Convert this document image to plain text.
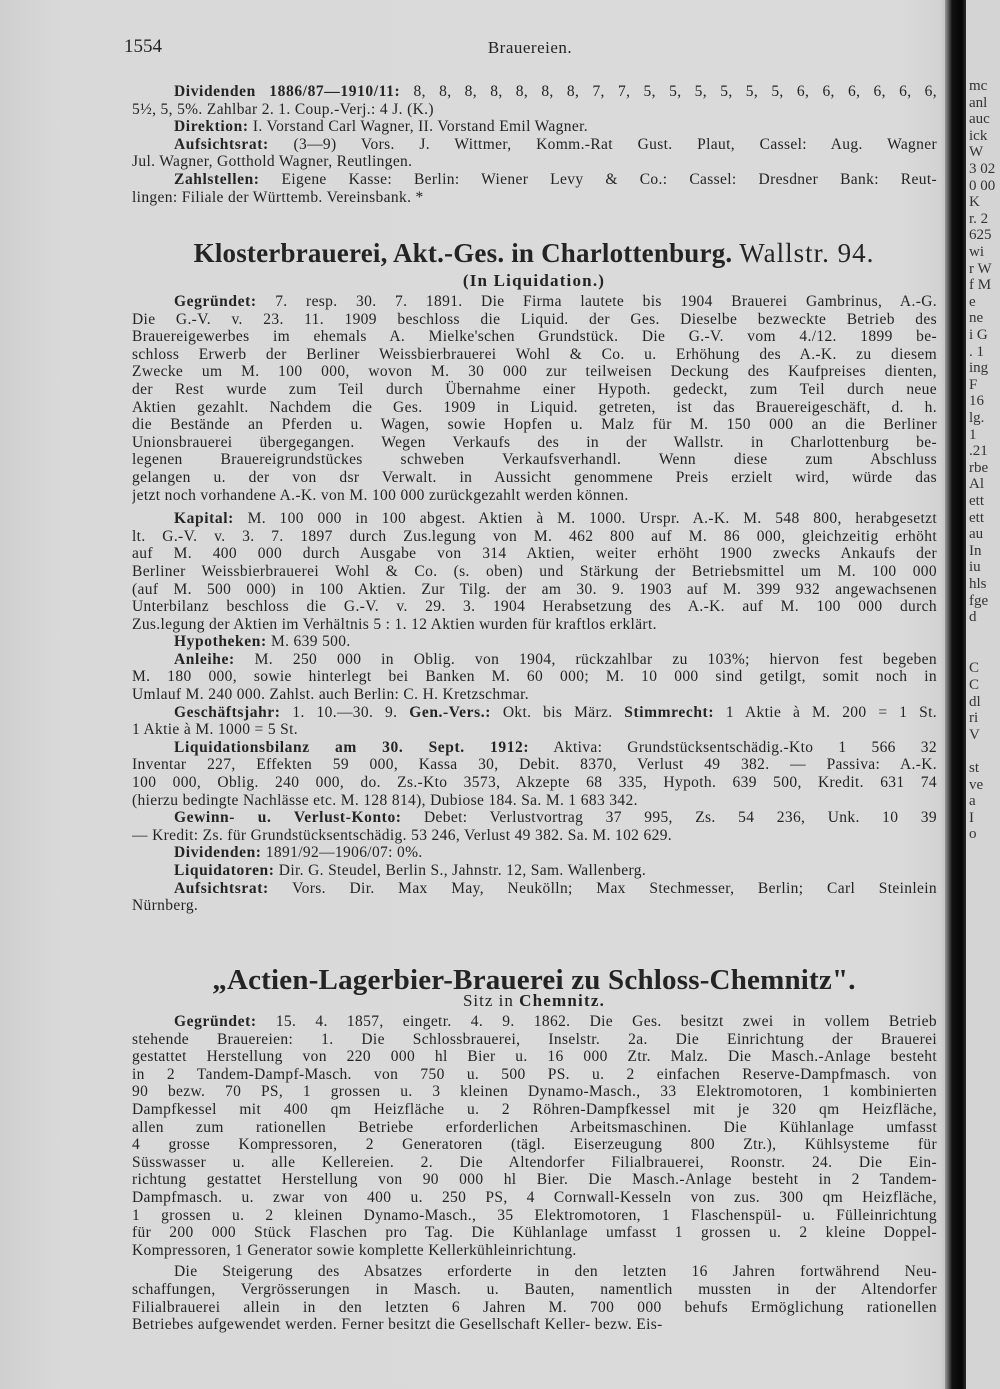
1554	Brauereien.
Dividenden 1886/87—1910/11: 8, 8, 8, 8, 8, 8, 8, 7, 7, 5, 5, 5, 5, 5, 5, 6, 6, 6, 6, 6, 6,
5½, 5, 5%. Zahlbar 2. 1. Coup.-Verj.: 4 J. (K.)
Direktion: I. Vorstand Carl Wagner, II. Vorstand Emil Wagner.
Aufsichtsrat: (3—9) Vors. J. Wittmer, Komm.-Rat Gust. Plaut, Cassel: Aug. Wagner
Jul. Wagner, Gotthold Wagner, Reutlingen.
Zahlstellen: Eigene Kasse: Berlin: Wiener Levy & Co.: Cassel: Dresdner Bank: Reut-
lingen: Filiale der Württemb. Vereinsbank. *
Klosterbrauerei, Akt.-Ges. in Charlottenburg. Wallstr. 94.
(In Liquidation.)
Gegründet: 7. resp. 30. 7. 1891. Die Firma lautete bis 1904 Brauerei Gambrinus, A.-G.
Die G.-V. v. 23. 11. 1909 beschloss die Liquid. der Ges. Dieselbe bezweckte Betrieb des
Brauereigewerbes im ehemals A. Mielke'schen Grundstück. Die G.-V. vom 4./12. 1899 be-
schloss Erwerb der Berliner Weissbierbrauerei Wohl & Co. u. Erhöhung des A.-K. zu diesem
Zwecke um M. 100 000, wovon M. 30 000 zur teilweisen Deckung des Kaufpreises dienten,
der Rest wurde zum Teil durch Übernahme einer Hypoth. gedeckt, zum Teil durch neue
Aktien gezahlt. Nachdem die Ges. 1909 in Liquid. getreten, ist das Brauereigeschäft, d. h.
die Bestände an Pferden u. Wagen, sowie Hopfen u. Malz für M. 150 000 an die Berliner
Unionsbrauerei übergegangen. Wegen Verkaufs des in der Wallstr. in Charlottenburg be-
legenen Brauereigrundstückes schweben Verkaufsverhandl. Wenn diese zum Abschluss
gelangen u. der von dsr Verwalt. in Aussicht genommene Preis erzielt wird, würde das
jetzt noch vorhandene A.-K. von M. 100 000 zurückgezahlt werden können.
Kapital: M. 100 000 in 100 abgest. Aktien à M. 1000. Urspr. A.-K. M. 548 800, herabgesetzt
lt. G.-V. v. 3. 7. 1897 durch Zus.legung von M. 462 800 auf M. 86 000, gleichzeitig erhöht
auf M. 400 000 durch Ausgabe von 314 Aktien, weiter erhöht 1900 zwecks Ankaufs der
Berliner Weissbierbrauerei Wohl & Co. (s. oben) und Stärkung der Betriebsmittel um M. 100 000
(auf M. 500 000) in 100 Aktien. Zur Tilg. der am 30. 9. 1903 auf M. 399 932 angewachsenen
Unterbilanz beschloss die G.-V. v. 29. 3. 1904 Herabsetzung des A.-K. auf M. 100 000 durch
Zus.legung der Aktien im Verhältnis 5 : 1. 12 Aktien wurden für kraftlos erklärt.
Hypotheken: M. 639 500.
Anleihe: M. 250 000 in Oblig. von 1904, rückzahlbar zu 103%; hiervon fest begeben
M. 180 000, sowie hinterlegt bei Banken M. 60 000; M. 10 000 sind getilgt, somit noch in
Umlauf M. 240 000. Zahlst. auch Berlin: C. H. Kretzschmar.
Geschäftsjahr: 1. 10.—30. 9. Gen.-Vers.: Okt. bis März. Stimmrecht: 1 Aktie à M. 200 = 1 St.
1 Aktie à M. 1000 = 5 St.
Liquidationsbilanz am 30. Sept. 1912: Aktiva: Grundstücksentschädig.-Kto 1 566 32
Inventar 227, Effekten 59 000, Kassa 30, Debit. 8370, Verlust 49 382. — Passiva: A.-K.
100 000, Oblig. 240 000, do. Zs.-Kto 3573, Akzepte 68 335, Hypoth. 639 500, Kredit. 631 74
(hierzu bedingte Nachlässe etc. M. 128 814), Dubiose 184. Sa. M. 1 683 342.
Gewinn- u. Verlust-Konto: Debet: Verlustvortrag 37 995, Zs. 54 236, Unk. 10 39
— Kredit: Zs. für Grundstücksentschädig. 53 246, Verlust 49 382. Sa. M. 102 629.
Dividenden: 1891/92—1906/07: 0%.
Liquidatoren: Dir. G. Steudel, Berlin S., Jahnstr. 12, Sam. Wallenberg.
Aufsichtsrat: Vors. Dir. Max May, Neukölln; Max Stechmesser, Berlin; Carl Steinlein
Nürnberg.
„Actien-Lagerbier-Brauerei zu Schloss-Chemnitz".
Sitz in Chemnitz.
Gegründet: 15. 4. 1857, eingetr. 4. 9. 1862. Die Ges. besitzt zwei in vollem Betrieb
stehende Brauereien: 1. Die Schlossbrauerei, Inselstr. 2a. Die Einrichtung der Brauerei
gestattet Herstellung von 220 000 hl Bier u. 16 000 Ztr. Malz. Die Masch.-Anlage besteht
in 2 Tandem-Dampf-Masch. von 750 u. 500 PS. u. 2 einfachen Reserve-Dampfmasch. von
90 bezw. 70 PS, 1 grossen u. 3 kleinen Dynamo-Masch., 33 Elektromotoren, 1 kombinierten
Dampfkessel mit 400 qm Heizfläche u. 2 Röhren-Dampfkessel mit je 320 qm Heizfläche,
allen zum rationellen Betriebe erforderlichen Arbeitsmaschinen. Die Kühlanlage umfasst
4 grosse Kompressoren, 2 Generatoren (tägl. Eiserzeugung 800 Ztr.), Kühlsysteme für
Süsswasser u. alle Kellereien. 2. Die Altendorfer Filialbrauerei, Roonstr. 24. Die Ein-
richtung gestattet Herstellung von 90 000 hl Bier. Die Masch.-Anlage besteht in 2 Tandem-
Dampfmasch. u. zwar von 400 u. 250 PS, 4 Cornwall-Kesseln von zus. 300 qm Heizfläche,
1 grossen u. 2 kleinen Dynamo-Masch., 35 Elektromotoren, 1 Flaschenspül- u. Fülleinrichtung
für 200 000 Stück Flaschen pro Tag. Die Kühlanlage umfasst 1 grossen u. 2 kleine Doppel-
Kompressoren, 1 Generator sowie komplette Kellerkühleinrichtung.
Die Steigerung des Absatzes erforderte in den letzten 16 Jahren fortwährend Neu-
schaffungen, Vergrösserungen in Masch. u. Bauten, namentlich mussten in der Altendorfer
Filialbrauerei allein in den letzten 6 Jahren M. 700 000 behufs Ermöglichung rationellen
Betriebes aufgewendet werden. Ferner besitzt die Gesellschaft Keller- bezw. Eis-
mc
anl
auc
ick
W
3 02
0 00
K
r. 2
625
wi
r W
f M
e
ne
i G
. 1
ing
F
16
lg.
1
.21
rbe
Al
ett
ett
au
In
iu
hls
fge
d
C
C
dl
ri
V
st
ve
a
I
o
